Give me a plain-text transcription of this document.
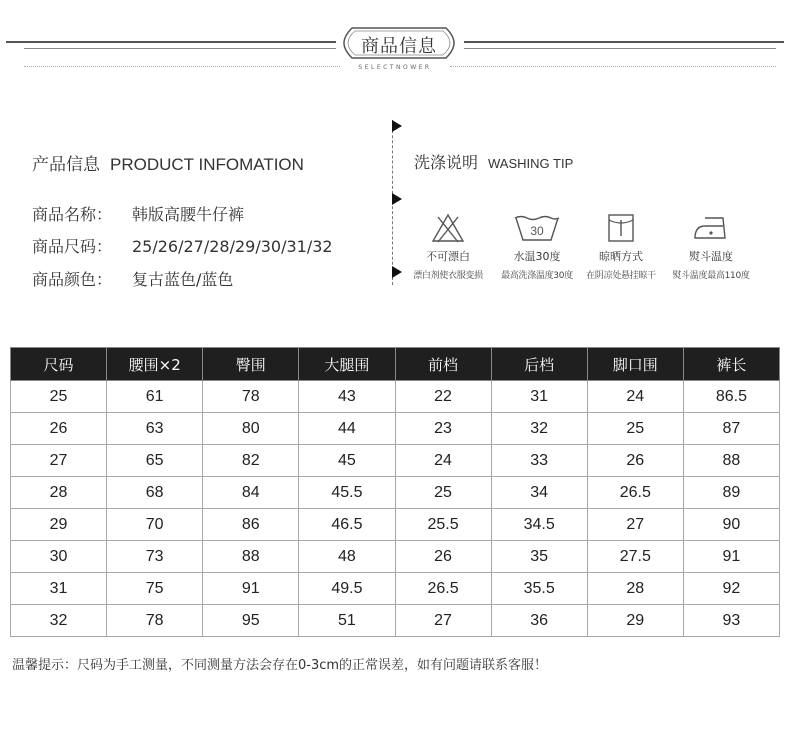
商品信息
SELECTNOWER
产品信息 PRODUCT INFOMATION
商品名称： 韩版高腰牛仔裤
商品尺码： 25/26/27/28/29/30/31/32
商品颜色： 复古蓝色/蓝色
洗涤说明 WASHING TIP
不可漂白
漂白剂使衣服变损
30
水温30度
最高洗涤温度30度
晾晒方式
在阴凉处悬挂晾干
熨斗温度
熨斗温度最高110度
尺码	腰围×2	臀围	大腿围	前档	后档	脚口围	裤长
25	61	78	43	22	31	24	86.5
26	63	80	44	23	32	25	87
27	65	82	45	24	33	26	88
28	68	84	45.5	25	34	26.5	89
29	70	86	46.5	25.5	34.5	27	90
30	73	88	48	26	35	27.5	91
31	75	91	49.5	26.5	35.5	28	92
32	78	95	51	27	36	29	93
温馨提示：尺码为手工测量，不同测量方法会存在0-3cm的正常误差，如有问题请联系客服！
